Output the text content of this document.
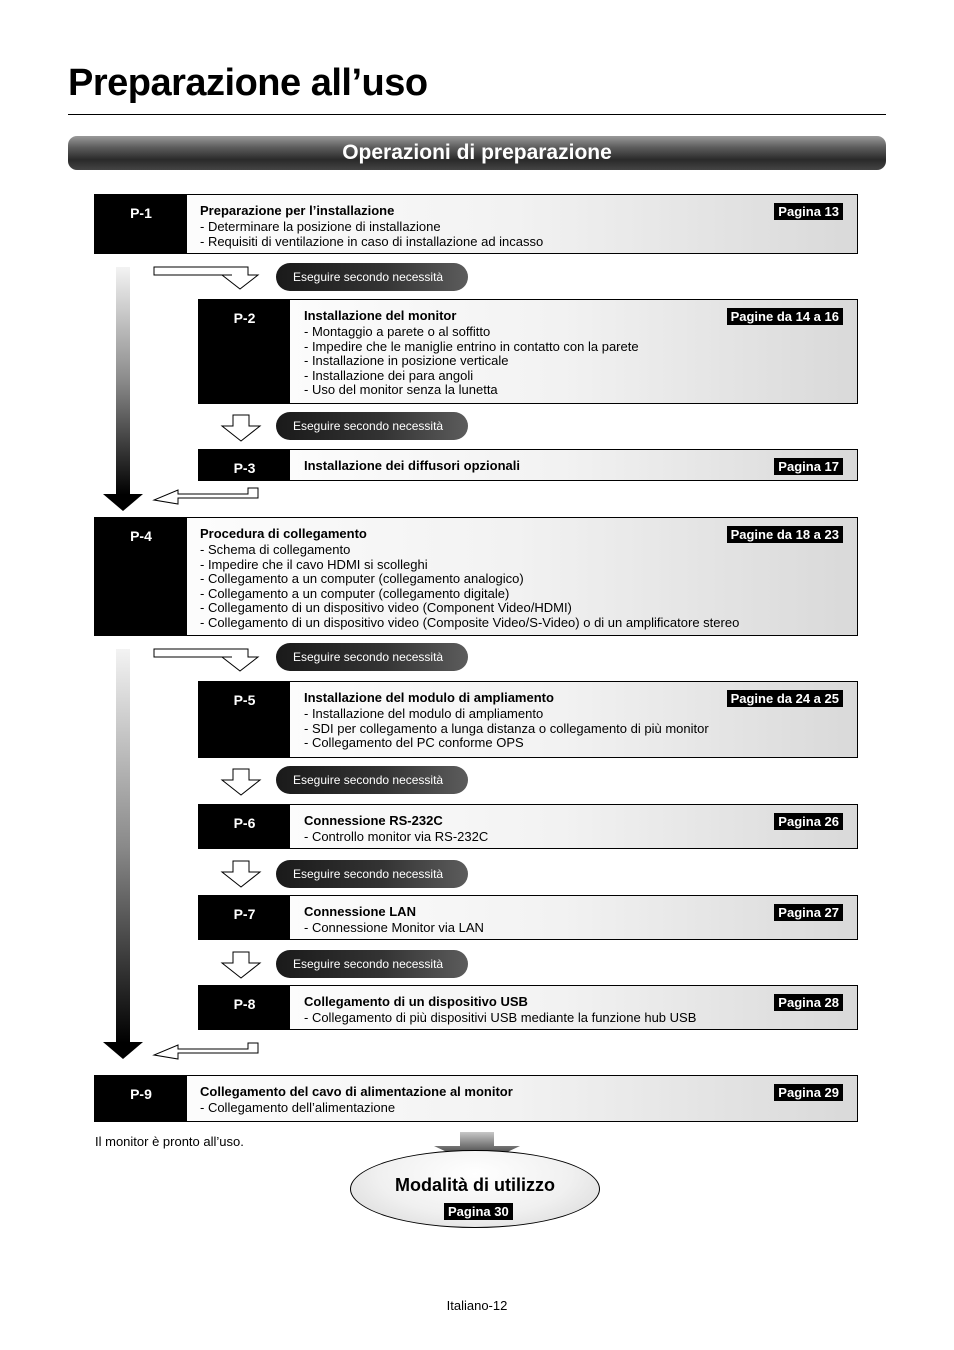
Preparazione all’uso
Operazioni di preparazione
Eseguire secondo necessità
Eseguire secondo necessità
Eseguire secondo necessità
Eseguire secondo necessità
Eseguire secondo necessità
Eseguire secondo necessità
P-1	Preparazione per l’installazione	Pagina 13
- Determinare la posizione di installazione
- Requisiti di ventilazione in caso di installazione ad incasso
P-2	Installazione del monitor	Pagine da 14 a 16
- Montaggio a parete o al soffitto
- Impedire che le maniglie entrino in contatto con la parete
- Installazione in posizione verticale
- Installazione dei para angoli
- Uso del monitor senza la lunetta
P-3	Installazione dei diffusori opzionali	Pagina 17
P-4	Procedura di collegamento	Pagine da 18 a 23
- Schema di collegamento
- Impedire che il cavo HDMI si scolleghi
- Collegamento a un computer (collegamento analogico)
- Collegamento a un computer (collegamento digitale)
- Collegamento di un dispositivo video (Component Video/HDMI)
- Collegamento di un dispositivo video (Composite Video/S-Video) o di un amplificatore stereo
P-5	Installazione del modulo di ampliamento	Pagine da 24 a 25
- Installazione del modulo di ampliamento
- SDI per collegamento a lunga distanza o collegamento di più monitor
- Collegamento del PC conforme OPS
P-6	Connessione RS-232C	Pagina 26
- Controllo monitor via RS-232C
P-7	Connessione LAN	Pagina 27
- Connessione Monitor via LAN
P-8	Collegamento di un dispositivo USB	Pagina 28
- Collegamento di più dispositivi USB mediante la funzione hub USB
P-9	Collegamento del cavo di alimentazione al monitor	Pagina 29
- Collegamento dell’alimentazione
Il monitor è pronto all’uso.
Modalità di utilizzo
Pagina 30
Italiano-12
